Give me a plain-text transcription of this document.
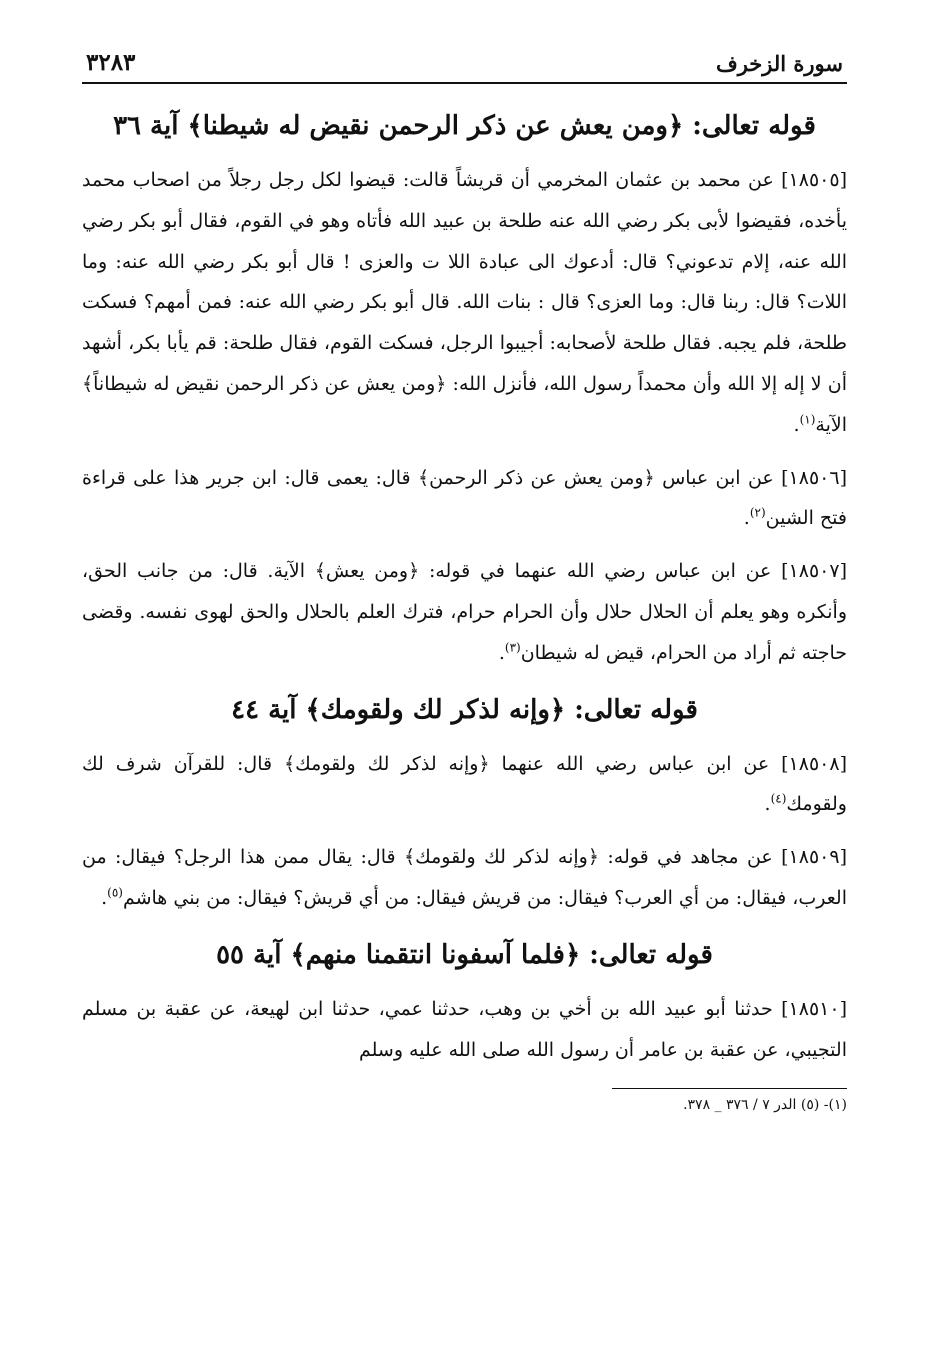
سورة الزخرف
٣٢٨٣
قوله تعالى: ﴿ومن يعش عن ذكر الرحمن نقيض له شيطنا﴾ آية ٣٦

[١٨٥٠٥] عن محمد بن عثمان المخرمي أن قريشاً قالت: قيضوا لكل رجل رجلاً من اصحاب محمد يأخده، فقيضوا لأبى بكر رضي الله عنه طلحة بن عبيد الله فأتاه وهو في القوم، فقال أبو بكر رضي الله عنه، إلام تدعوني؟ قال: أدعوك الى عبادة اللا ت والعزى ! قال أبو بكر رضي الله عنه: وما اللات؟ قال: ربنا قال: وما العزى؟ قال : بنات الله. قال أبو بكر رضي الله عنه: فمن أمهم؟ فسكت طلحة، فلم يجبه. فقال طلحة لأصحابه: أجيبوا الرجل، فسكت القوم، فقال طلحة: قم يأبا بكر، أشهد أن لا إله إلا الله وأن محمداً رسول الله، فأنزل الله: ﴿ومن يعش عن ذكر الرحمن نقيض له شيطاناً﴾ الآية$^{(١)}$.

[١٨٥٠٦] عن ابن عباس ﴿ومن يعش عن ذكر الرحمن﴾ قال: يعمى قال: ابن جرير هذا على قراءة فتح الشين$^{(٢)}$.

[١٨٥٠٧] عن ابن عباس رضي الله عنهما في قوله: ﴿ومن يعش﴾ الآية. قال: من جانب الحق، وأنكره وهو يعلم أن الحلال حلال وأن الحرام حرام، فترك العلم بالحلال والحق لهوى نفسه. وقضى حاجته ثم أراد من الحرام، قيض له شيطان$^{(٣)}$.

قوله تعالى: ﴿وإنه لذكر لك ولقومك﴾ آية ٤٤

[١٨٥٠٨] عن ابن عباس رضي الله عنهما ﴿وإنه لذكر لك ولقومك﴾ قال: للقرآن شرف لك ولقومك$^{(٤)}$.

[١٨٥٠٩] عن مجاهد في قوله: ﴿وإنه لذكر لك ولقومك﴾ قال: يقال ممن هذا الرجل؟ فيقال: من العرب، فيقال: من أي العرب؟ فيقال: من قريش فيقال: من أي قريش؟ فيقال: من بني هاشم$^{(٥)}$.

قوله تعالى: ﴿فلما آسفونا انتقمنا منهم﴾ آية ٥٥

[١٨٥١٠] حدثنا أبو عبيد الله بن أخي بن وهب، حدثنا عمي، حدثنا ابن لهيعة، عن عقبة بن مسلم التجيبي، عن عقبة بن عامر أن رسول الله صلى الله عليه وسلم

(١)- (٥) الدر ٧ / ٣٧٦ _ ٣٧٨.
